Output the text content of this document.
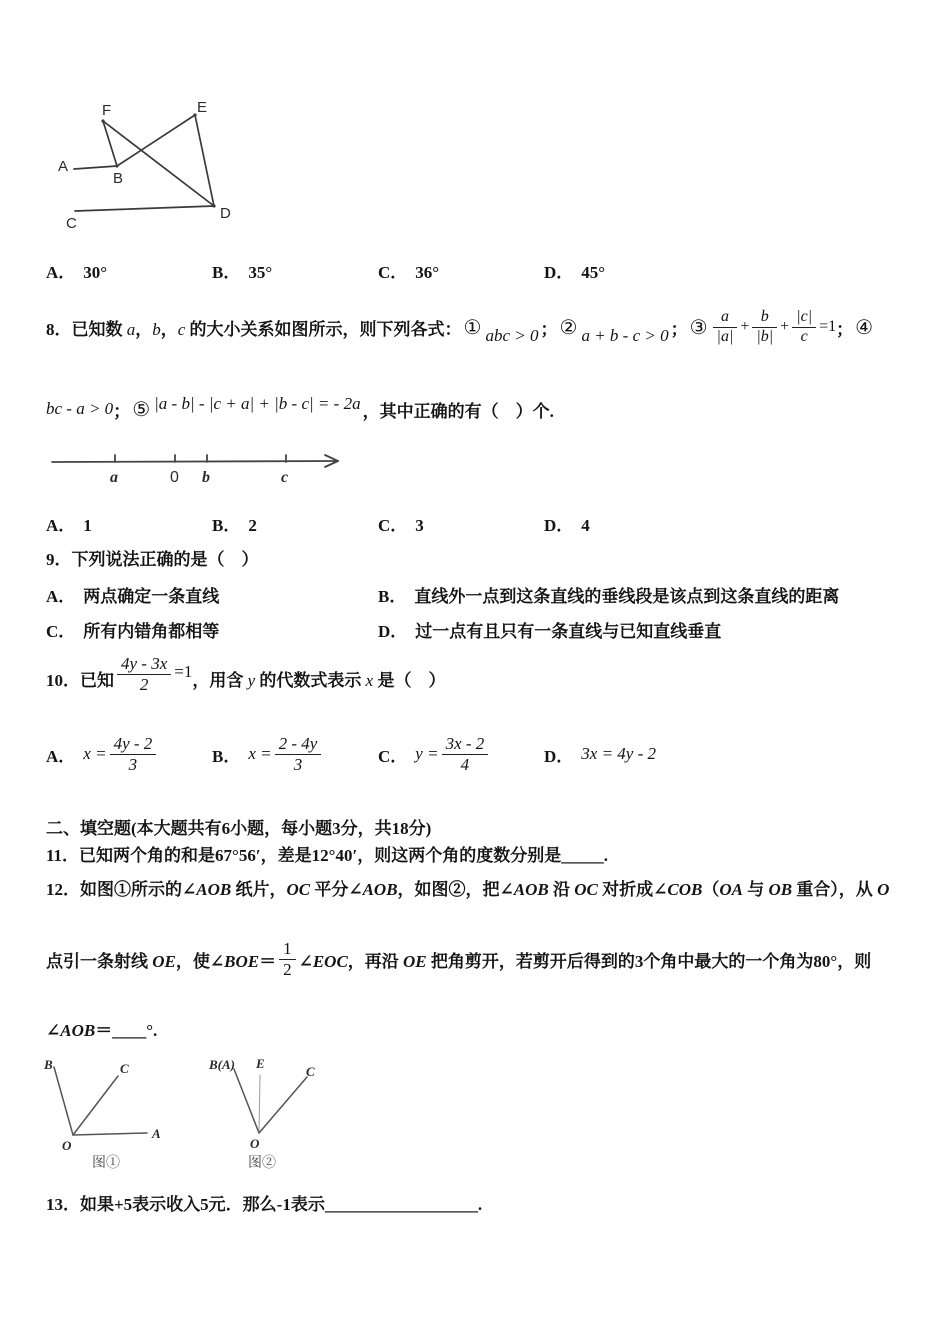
A
B
C
D
E
F
A． 30°	B． 35°	C． 36°	D． 45°
8．已知数 a，b，c 的大小关系如图所示，则下列各式： ① abc > 0 ； ② a + b - c > 0 ； ③ $\frac{a}{|a|} + \frac{b}{|b|} + \frac{|c|}{c} =1$ ； ④
bc - a > 0 ； ⑤ |a - b| - |c + a| + |b - c| = - 2a ，其中正确的有（　）个.
a	0 b	c
A． 1	B． 2	C． 3	D． 4
9．下列说法正确的是（　）
A． 两点确定一条直线	B． 直线外一点到这条直线的垂线段是该点到这条直线的距离
C． 所有内错角都相等	D． 过一点有且只有一条直线与已知直线垂直
10．已知 $\frac{4y - 3x}{2} =1$ ，用含 y 的代数式表示 x 是（　）
A． $x = \frac{4y - 2}{3}$	B． $x = \frac{2 - 4y}{3}$	C． $y = \frac{3x - 2}{4}$	D． 3x = 4y - 2
二、填空题(本大题共有6小题，每小题3分，共18分)
11．已知两个角的和是67°56′，差是12°40′，则这两个角的度数分别是_____.
12．如图①所示的∠AOB 纸片，OC 平分∠AOB，如图②，把∠AOB 沿 OC 对折成∠COB（OA 与 OB 重合），从 O
点引一条射线 OE，使∠BOE＝ $\frac{1}{2}$ ∠EOC，再沿 OE 把角剪开，若剪开后得到的3个角中最大的一个角为80°，则
∠AOB＝____°.
B	C
A
O
图①
B(A) E
C
O
图②
13．如果+5表示收入5元．那么-1表示__________________.
